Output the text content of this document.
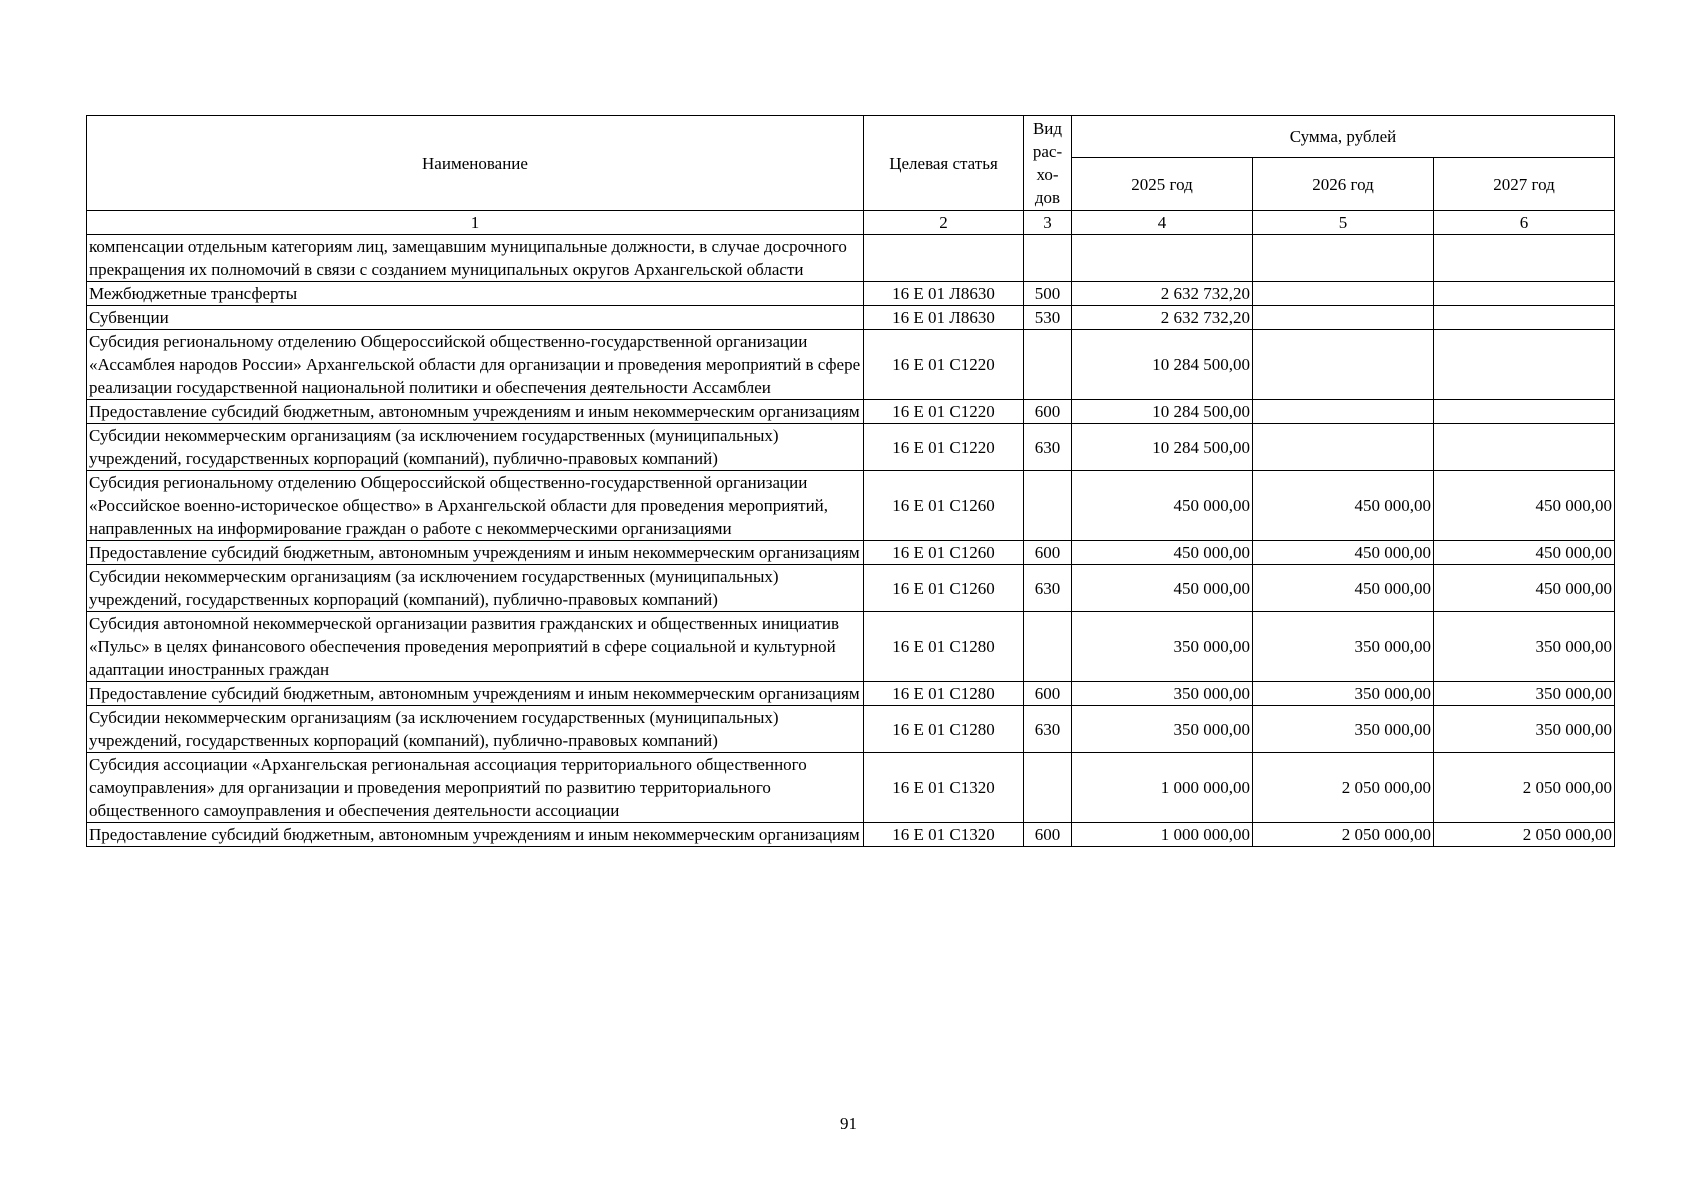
Наименование	Целевая статья	Вид
рас-
хо-
дов	Сумма, рублей		
			2025 год	2026 год	2027 год
1	2	3	4	5	6
компенсации отдельным категориям лиц, замещавшим муниципальные должности, в случае досрочного прекращения их полномочий в связи с созданием муниципальных округов Архангельской области					
Межбюджетные трансферты	16 Е 01 Л8630	500	2 632 732,20		
Субвенции	16 Е 01 Л8630	530	2 632 732,20		
Субсидия региональному отделению Общероссийской общественно-государственной организации «Ассамблея народов России» Архангельской области для организации и проведения мероприятий в сфере реализации государственной национальной политики и обеспечения деятельности Ассамблеи	16 Е 01 С1220		10 284 500,00		
Предоставление субсидий бюджетным, автономным учреждениям и иным некоммерческим организациям	16 Е 01 С1220	600	10 284 500,00		
Субсидии некоммерческим организациям (за исключением государственных (муниципальных) учреждений, государственных корпораций (компаний), публично-правовых компаний)	16 Е 01 С1220	630	10 284 500,00		
Субсидия региональному отделению Общероссийской общественно-государственной организации «Российское военно-историческое общество» в Архангельской области для проведения мероприятий, направленных на информирование граждан о работе с некоммерческими организациями	16 Е 01 С1260		450 000,00	450 000,00	450 000,00
Предоставление субсидий бюджетным, автономным учреждениям и иным некоммерческим организациям	16 Е 01 С1260	600	450 000,00	450 000,00	450 000,00
Субсидии некоммерческим организациям (за исключением государственных (муниципальных) учреждений, государственных корпораций (компаний), публично-правовых компаний)	16 Е 01 С1260	630	450 000,00	450 000,00	450 000,00
Субсидия автономной некоммерческой организации развития гражданских и общественных инициатив «Пульс» в целях финансового обеспечения проведения мероприятий в сфере социальной и культурной адаптации иностранных граждан	16 Е 01 С1280		350 000,00	350 000,00	350 000,00
Предоставление субсидий бюджетным, автономным учреждениям и иным некоммерческим организациям	16 Е 01 С1280	600	350 000,00	350 000,00	350 000,00
Субсидии некоммерческим организациям (за исключением государственных (муниципальных) учреждений, государственных корпораций (компаний), публично-правовых компаний)	16 Е 01 С1280	630	350 000,00	350 000,00	350 000,00
Субсидия ассоциации «Архангельская региональная ассоциация территориального общественного самоуправления» для организации и проведения мероприятий по развитию территориального общественного самоуправления и обеспечения деятельности ассоциации	16 Е 01 С1320		1 000 000,00	2 050 000,00	2 050 000,00
Предоставление субсидий бюджетным, автономным учреждениям и иным некоммерческим организациям	16 Е 01 С1320	600	1 000 000,00	2 050 000,00	2 050 000,00
91
